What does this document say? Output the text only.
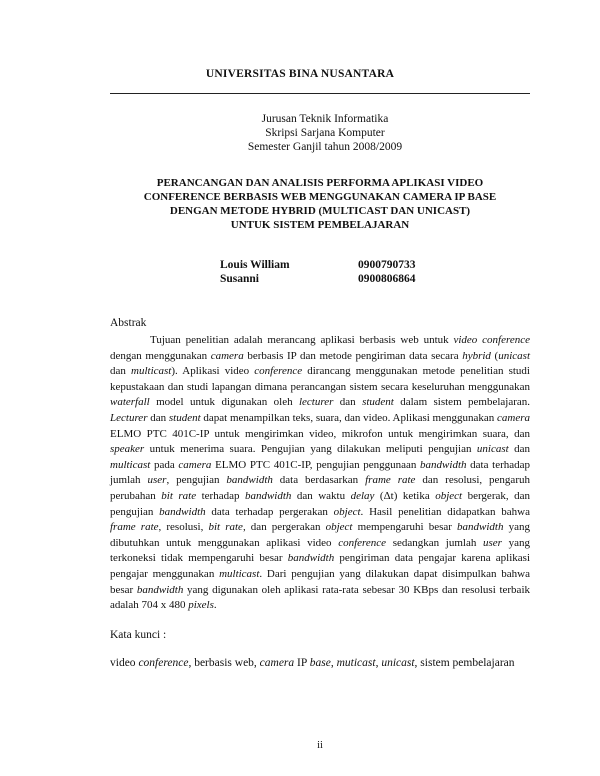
UNIVERSITAS BINA NUSANTARA
Jurusan Teknik Informatika
Skripsi Sarjana Komputer
Semester Ganjil tahun 2008/2009
PERANCANGAN DAN ANALISIS PERFORMA APLIKASI VIDEO
CONFERENCE BERBASIS WEB MENGGUNAKAN CAMERA IP BASE
DENGAN METODE HYBRID (MULTICAST DAN UNICAST)
UNTUK SISTEM PEMBELAJARAN
Louis William	0900790733
Susanni	0900806864
Abstrak
Tujuan penelitian adalah merancang aplikasi berbasis web untuk video conference dengan menggunakan camera berbasis IP dan metode pengiriman data secara hybrid (unicast dan multicast). Aplikasi video conference dirancang menggunakan metode penelitian studi kepustakaan dan studi lapangan dimana perancangan sistem secara keseluruhan menggunakan waterfall model untuk digunakan oleh lecturer dan student dalam sistem pembelajaran. Lecturer dan student dapat menampilkan teks, suara, dan video. Aplikasi menggunakan camera ELMO PTC 401C-IP untuk mengirimkan video, mikrofon untuk mengirimkan suara, dan speaker untuk menerima suara. Pengujian yang dilakukan meliputi pengujian unicast dan multicast pada camera ELMO PTC 401C-IP, pengujian penggunaan bandwidth data terhadap jumlah user, pengujian bandwidth data berdasarkan frame rate dan resolusi, pengaruh perubahan bit rate terhadap bandwidth dan waktu delay (Δt) ketika object bergerak, dan pengujian bandwidth data terhadap pergerakan object. Hasil penelitian didapatkan bahwa frame rate, resolusi, bit rate, dan pergerakan object mempengaruhi besar bandwidth yang dibutuhkan untuk menggunakan aplikasi video conference sedangkan jumlah user yang terkoneksi tidak mempengaruhi besar bandwidth pengiriman data pengajar karena aplikasi pengajar menggunakan multicast. Dari pengujian yang dilakukan dapat disimpulkan bahwa besar bandwidth yang digunakan oleh aplikasi rata-rata sebesar 30 KBps dan resolusi terbaik adalah 704 x 480 pixels.
Kata kunci :
video conference, berbasis web, camera IP base, muticast, unicast, sistem pembelajaran
ii
